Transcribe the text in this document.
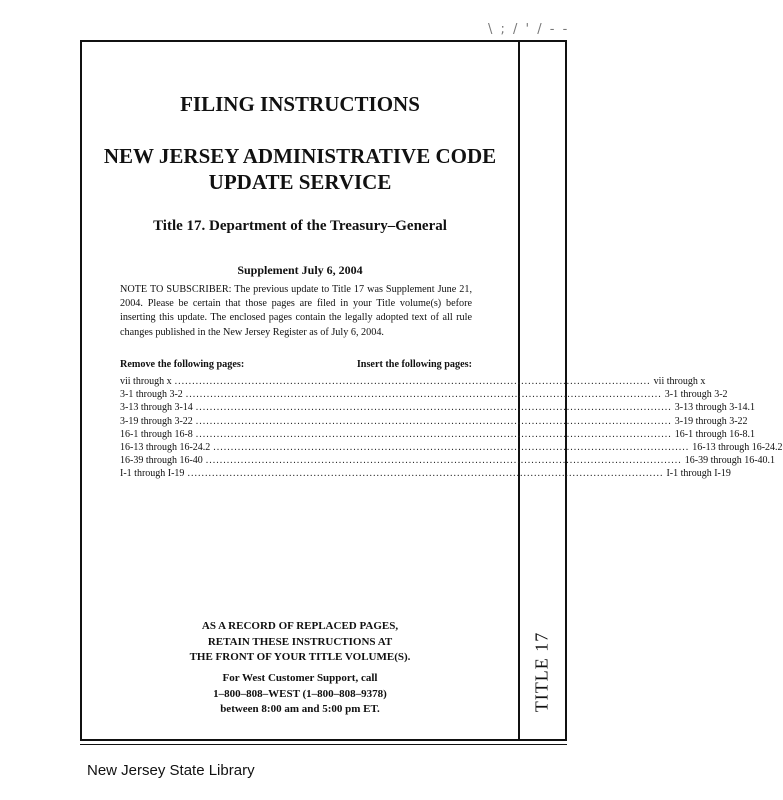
\ ; / ' / - -
TITLE 17
FILING INSTRUCTIONS
NEW JERSEY ADMINISTRATIVE CODE
UPDATE SERVICE
Title 17. Department of the Treasury–General
Supplement July 6, 2004
NOTE TO SUBSCRIBER: The previous update to Title 17 was Supplement June 21, 2004. Please be certain that those pages are filed in your Title volume(s) before inserting this update. The enclosed pages contain the legally adopted text of all rule changes published in the New Jersey Register as of July 6, 2004.
Remove the following pages:	Insert the following pages:
vii through x ........................................................................................................................................ vii through x
3-1 through 3-2 ........................................................................................................................................ 3-1 through 3-2
3-13 through 3-14 ........................................................................................................................................ 3-13 through 3-14.1
3-19 through 3-22 ........................................................................................................................................ 3-19 through 3-22
16-1 through 16-8 ........................................................................................................................................ 16-1 through 16-8.1
16-13 through 16-24.2 ........................................................................................................................................ 16-13 through 16-24.2
16-39 through 16-40 ........................................................................................................................................ 16-39 through 16-40.1
I-1 through I-19 ........................................................................................................................................ I-1 through I-19
AS A RECORD OF REPLACED PAGES,
RETAIN THESE INSTRUCTIONS AT
THE FRONT OF YOUR TITLE VOLUME(S).
For West Customer Support, call
1–800–808–WEST (1–800–808–9378)
between 8:00 am and 5:00 pm ET.
New Jersey State Library
